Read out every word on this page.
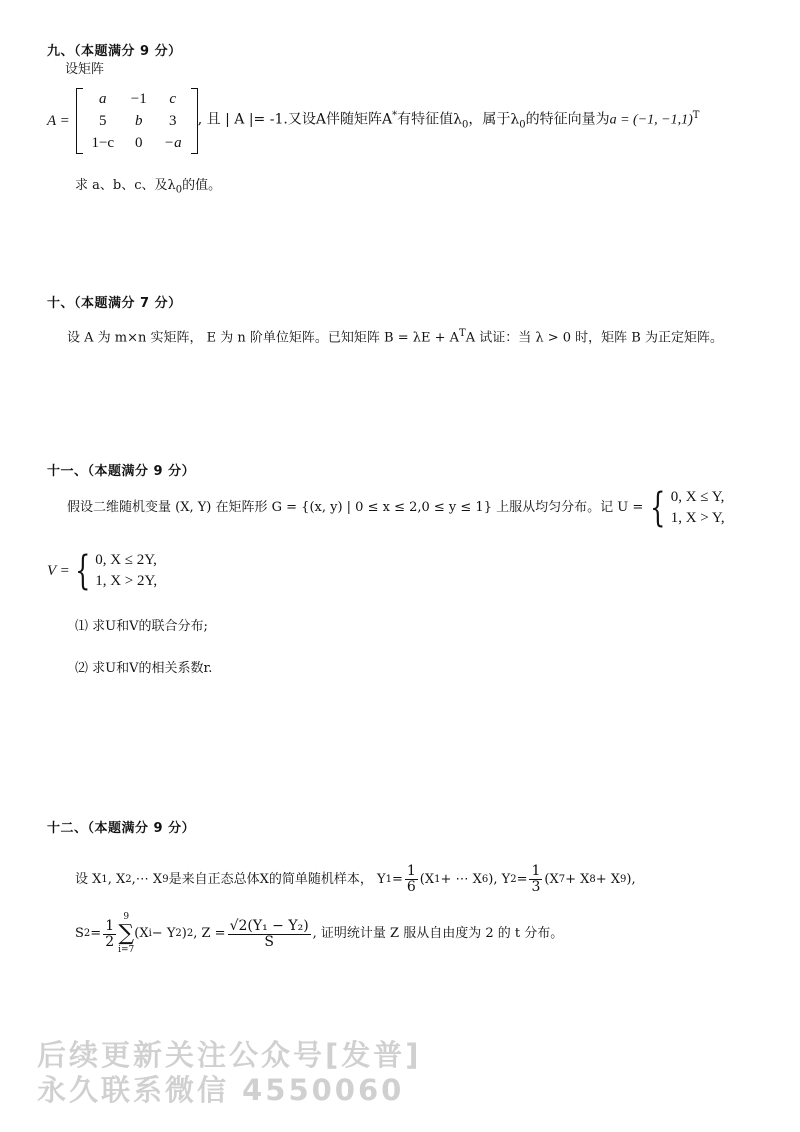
九、（本题满分 9 分）
设矩阵
A =
a	−1	c
5	b	3
1−c	0	−a
, 且 | A |= -1.又设A伴随矩阵A*有特征值$\lambda_0$，属于$\lambda_0$的特征向量为a = (−1, −1,1)$^T$
求 a、b、c、及$\lambda_0$的值。
十、（本题满分 7 分）
设 A 为 m×n 实矩阵， E 为 n 阶单位矩阵。已知矩阵 $B = \lambda E + A^TA$ 试证：当 λ > 0 时，矩阵 B 为正定矩阵。
十一、（本题满分 9 分）
假设二维随机变量 (X, Y) 在矩阵形 G = {(x, y) | 0 ≤ x ≤ 2,0 ≤ y ≤ 1} 上服从均匀分布。记 U = { 0, X ≤ Y,
1, X > Y,
V = { 0, X ≤ 2Y,
1, X > 2Y,
⑴ 求U和V的联合分布;
⑵ 求U和V的相关系数r.
十二、（本题满分 9 分）
设 X 1 , X 2 ,⋯ X 9 是来自正态总体X的简单随机样本， Y $1 = \frac{1}{6} (X$ 1 + ⋯ X 6 ), Y $2 = \frac{1}{3} (X$ 7 + X 8 + X 9 ),
S $2 = \frac{1}{2}$
9
∑
i=7
(X i − Y 2 ) 2 , $Z = \frac{\text{√2(Y₁ − Y₂)}}{S}$ , 证明统计量 Z 服从自由度为 2 的 t 分布。
后续更新关注公众号[发普]
永久联系微信 4550060
